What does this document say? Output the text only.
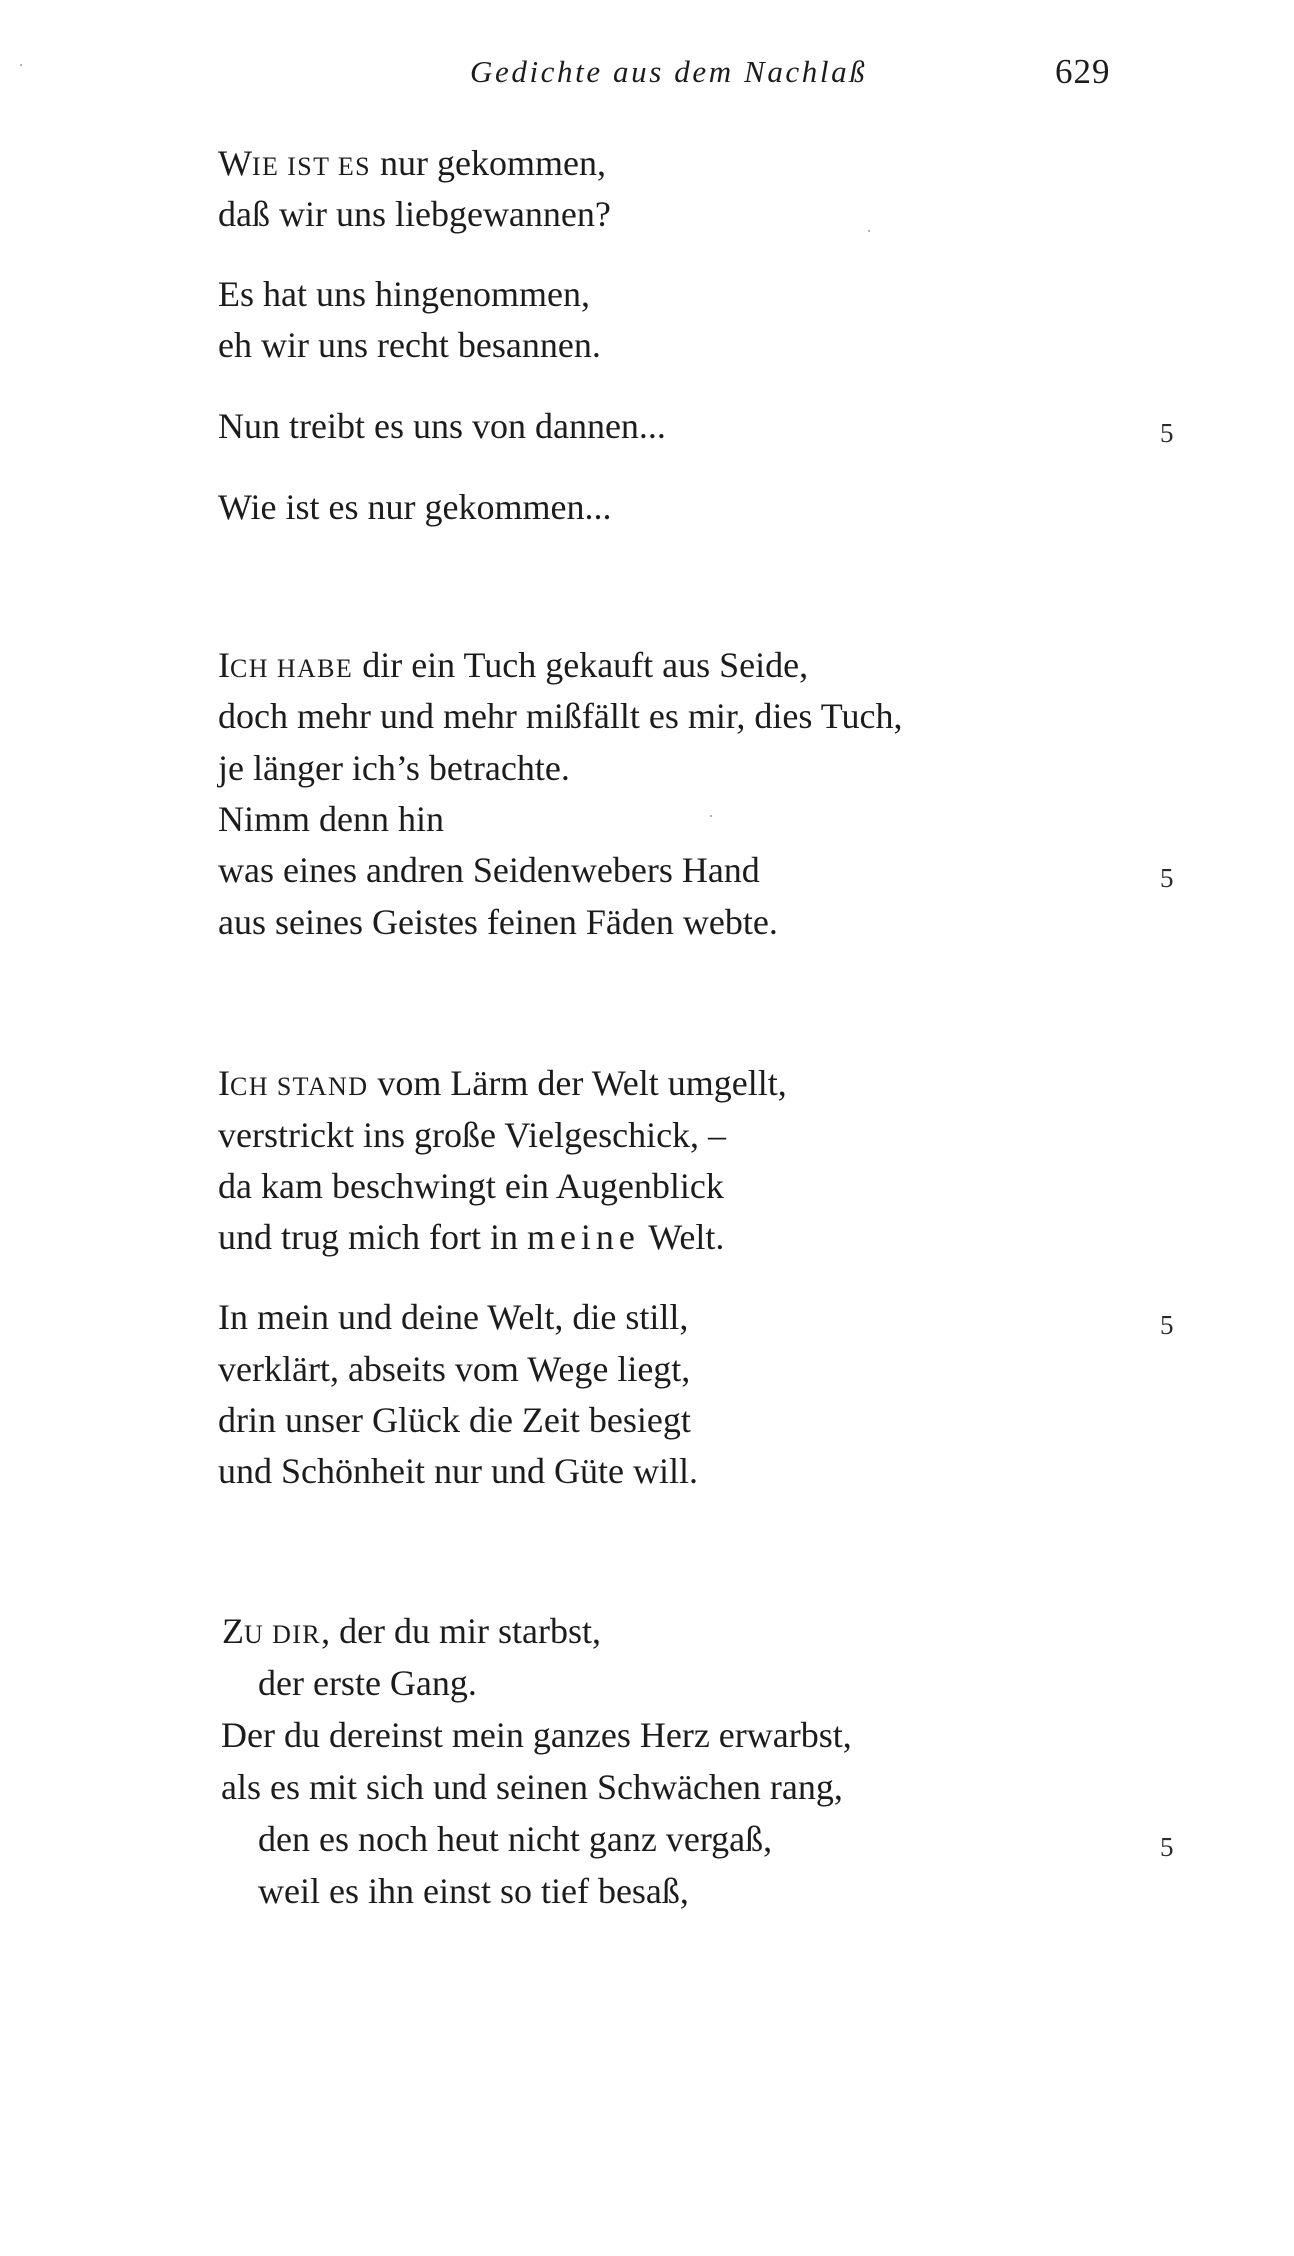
Gedichte aus dem Nachlaß	629
WIE IST ES nur gekommen,
daß wir uns liebgewannen?
Es hat uns hingenommen,
eh wir uns recht besannen.
Nun treibt es uns von dannen...	5
Wie ist es nur gekommen...
ICH HABE dir ein Tuch gekauft aus Seide,
doch mehr und mehr mißfällt es mir, dies Tuch,
je länger ich’s betrachte.
Nimm denn hin
was eines andren Seidenwebers Hand	5
aus seines Geistes feinen Fäden webte.
ICH STAND vom Lärm der Welt umgellt,
verstrickt ins große Vielgeschick, –
da kam beschwingt ein Augenblick
und trug mich fort in meine Welt.
In mein und deine Welt, die still,	5
verklärt, abseits vom Wege liegt,
drin unser Glück die Zeit besiegt
und Schönheit nur und Güte will.
ZU DIR, der du mir starbst,
der erste Gang.
Der du dereinst mein ganzes Herz erwarbst,
als es mit sich und seinen Schwächen rang,
den es noch heut nicht ganz vergaß,	5
weil es ihn einst so tief besaß,
